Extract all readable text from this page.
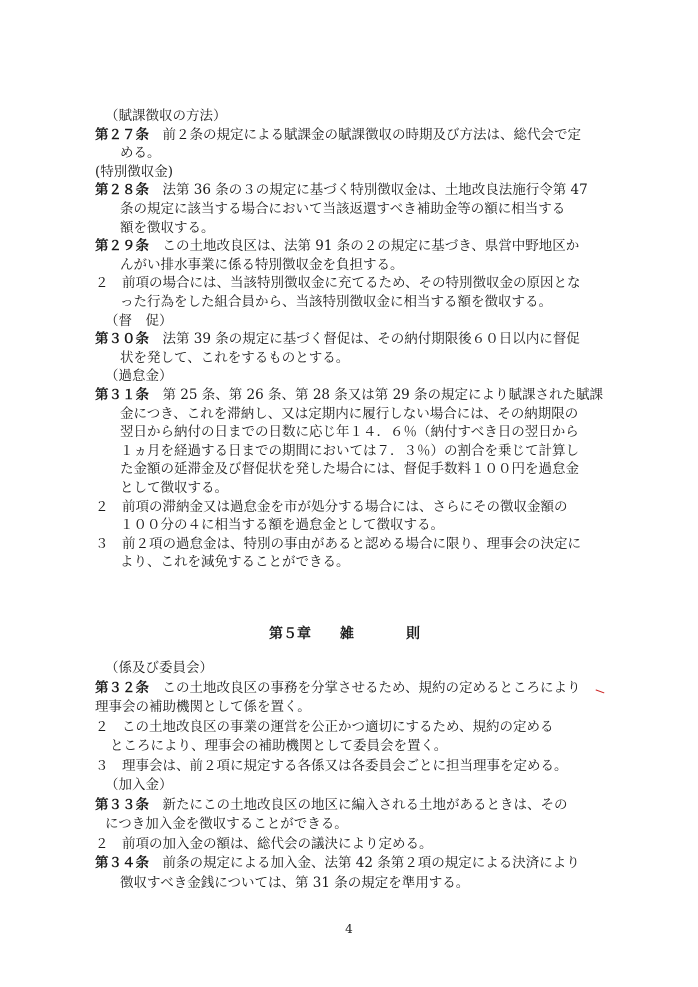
（賦課徴収の方法）
第２７条　前２条の規定による賦課金の賦課徴収の時期及び方法は、総代会で定
める。
(特別徴収金)
第２８条　法第 36 条の３の規定に基づく特別徴収金は、土地改良法施行令第 47
条の規定に該当する場合において当該返還すべき補助金等の額に相当する
額を徴収する。
第２９条　この土地改良区は、法第 91 条の２の規定に基づき、県営中野地区か
んがい排水事業に係る特別徴収金を負担する。
２　前項の場合には、当該特別徴収金に充てるため、その特別徴収金の原因とな
った行為をした組合員から、当該特別徴収金に相当する額を徴収する。
（督　促）
第３０条　法第 39 条の規定に基づく督促は、その納付期限後６０日以内に督促
状を発して、これをするものとする。
（過怠金）
第３１条　第 25 条、第 26 条、第 28 条又は第 29 条の規定により賦課された賦課
金につき、これを滞納し、又は定期内に履行しない場合には、その納期限の
翌日から納付の日までの日数に応じ年１４．６％（納付すべき日の翌日から
１ヵ月を経過する日までの期間においては７．３％）の割合を乗じて計算し
た金額の延滞金及び督促状を発した場合には、督促手数料１００円を過怠金
として徴収する。
２　前項の滞納金又は過怠金を市が処分する場合には、さらにその徴収金額の
１００分の４に相当する額を過怠金として徴収する。
３　前２項の過怠金は、特別の事由があると認める場合に限り、理事会の決定に
より、これを減免することができる。
第５章 雑　　則
（係及び委員会）
第３２条　この土地改良区の事務を分掌させるため、規約の定めるところにより
理事会の補助機関として係を置く。
２　この土地改良区の事業の運営を公正かつ適切にするため、規約の定める
ところにより、理事会の補助機関として委員会を置く。
３　理事会は、前２項に規定する各係又は各委員会ごとに担当理事を定める。
（加入金）
第３３条　新たにこの土地改良区の地区に編入される土地があるときは、その
につき加入金を徴収することができる。
２　前項の加入金の額は、総代会の議決により定める。
第３４条　前条の規定による加入金、法第 42 条第２項の規定による決済により
徴収すべき金銭については、第 31 条の規定を準用する。
4
